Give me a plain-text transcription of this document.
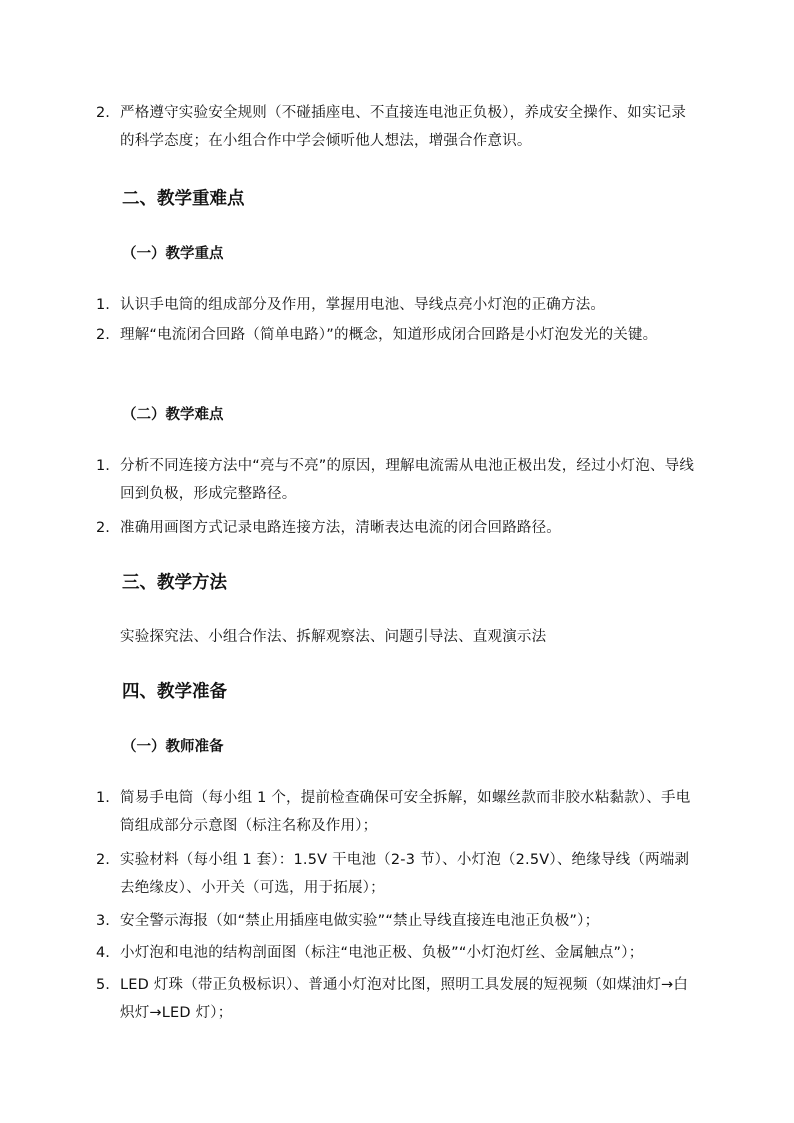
2. 严格遵守实验安全规则（不碰插座电、不直接连电池正负极），养成安全操作、如实记录的科学态度；在小组合作中学会倾听他人想法，增强合作意识。
二、教学重难点
（一）教学重点
1. 认识手电筒的组成部分及作用，掌握用电池、导线点亮小灯泡的正确方法。
2. 理解“电流闭合回路（简单电路）”的概念，知道形成闭合回路是小灯泡发光的关键。
（二）教学难点
1. 分析不同连接方法中“亮与不亮”的原因，理解电流需从电池正极出发，经过小灯泡、导线回到负极，形成完整路径。
2. 准确用画图方式记录电路连接方法，清晰表达电流的闭合回路路径。
三、教学方法
实验探究法、小组合作法、拆解观察法、问题引导法、直观演示法
四、教学准备
（一）教师准备
1. 简易手电筒（每小组 1 个，提前检查确保可安全拆解，如螺丝款而非胶水粘黏款）、手电筒组成部分示意图（标注名称及作用）；
2. 实验材料（每小组 1 套）：1.5V 干电池（2-3 节）、小灯泡（2.5V）、绝缘导线（两端剥去绝缘皮）、小开关（可选，用于拓展）；
3. 安全警示海报（如“禁止用插座电做实验”“禁止导线直接连电池正负极”）；
4. 小灯泡和电池的结构剖面图（标注“电池正极、负极”“小灯泡灯丝、金属触点”）；
5. LED 灯珠（带正负极标识）、普通小灯泡对比图，照明工具发展的短视频（如煤油灯→白炽灯→LED 灯）；
